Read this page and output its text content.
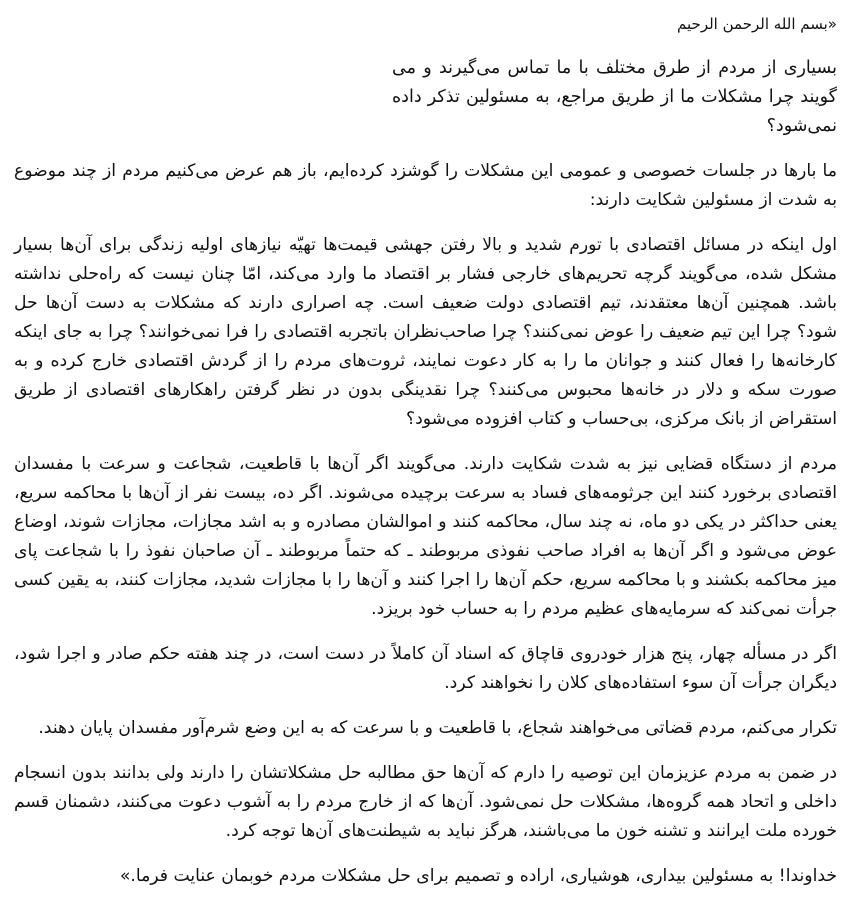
«بسم الله الرحمن الرحيم

بسیاری از مردم از طرق مختلف با ما تماس می‌گیرند و می گویند چرا مشکلات ما از طریق مراجع، به مسئولین تذکر داده نمی‌شود؟

ما بارها در جلسات خصوصی و عمومی این مشکلات را گوشزد کرده‌ایم، باز هم عرض می‌کنیم مردم از چند موضوع به شدت از مسئولین شکایت دارند:

اول اینکه در مسائل اقتصادی با تورم شدید و بالا رفتن جهشی قیمت‌ها تهیّه نیازهای اولیه زندگی برای آن‌ها بسیار مشکل شده، می‌گویند گرچه تحریم‌های خارجی فشار بر اقتصاد ما وارد می‌کند، امّا چنان نیست که راه‌حلی نداشته باشد. همچنین آن‌ها معتقدند، تیم اقتصادی دولت ضعیف است. چه اصراری دارند که مشکلات به دست آن‌ها حل شود؟ چرا این تیم ضعیف را عوض نمی‌کنند؟ چرا صاحب‌نظران باتجربه اقتصادی را فرا نمی‌خوانند؟ چرا به جای اینکه کارخانه‌ها را فعال کنند و جوانان ما را به کار دعوت نمایند، ثروت‌های مردم را از گردش اقتصادی خارج کرده و به صورت سکه و دلار در خانه‌ها محبوس می‌کنند؟ چرا نقدینگی بدون در نظر گرفتن راهکارهای اقتصادی از طریق استقراض از بانک مرکزی، بی‌حساب و کتاب افزوده می‌شود؟

مردم از دستگاه قضایی نیز به شدت شکایت دارند. می‌گویند اگر آن‌ها با قاطعیت، شجاعت و سرعت با مفسدان اقتصادی برخورد کنند این جرثومه‌های فساد به سرعت برچیده می‌شوند. اگر ده، بیست نفر از آن‌ها با محاکمه سریع، یعنی حداکثر در یکی دو ماه، نه چند سال، محاکمه کنند و اموالشان مصادره و به اشد مجازات، مجازات شوند، اوضاع عوض می‌شود و اگر آن‌ها به افراد صاحب نفوذی مربوطند ـ که حتماً مربوطند ـ آن صاحبان نفوذ را با شجاعت پای میز محاکمه بکشند و با محاکمه سریع، حکم آن‌ها را اجرا کنند و آن‌ها را با مجازات شدید، مجازات کنند، به یقین کسی جرأت نمی‌کند که سرمایه‌های عظیم مردم را به حساب خود بریزد.

اگر در مسأله چهار، پنج هزار خودروی قاچاق که اسناد آن کاملاً در دست است، در چند هفته حکم صادر و اجرا شود، دیگران جرأت آن سوء استفاده‌های کلان را نخواهند کرد.

تکرار می‌کنم، مردم قضاتی می‌خواهند شجاع، با قاطعیت و با سرعت که به این وضع شرم‌آور مفسدان پایان دهند.

در ضمن به مردم عزیزمان این توصیه را دارم که آن‌ها حق مطالبه حل مشکلاتشان را دارند ولی بدانند بدون انسجام داخلی و اتحاد همه گروه‌ها، مشکلات حل نمی‌شود. آن‌ها که از خارج مردم را به آشوب دعوت می‌کنند، دشمنان قسم خورده ملت ایرانند و تشنه خون ما می‌باشند، هرگز نباید به شیطنت‌های آن‌ها توجه کرد.

خداوندا! به مسئولین بیداری، هوشیاری، اراده و تصمیم برای حل مشکلات مردم خوبمان عنایت فرما.»
